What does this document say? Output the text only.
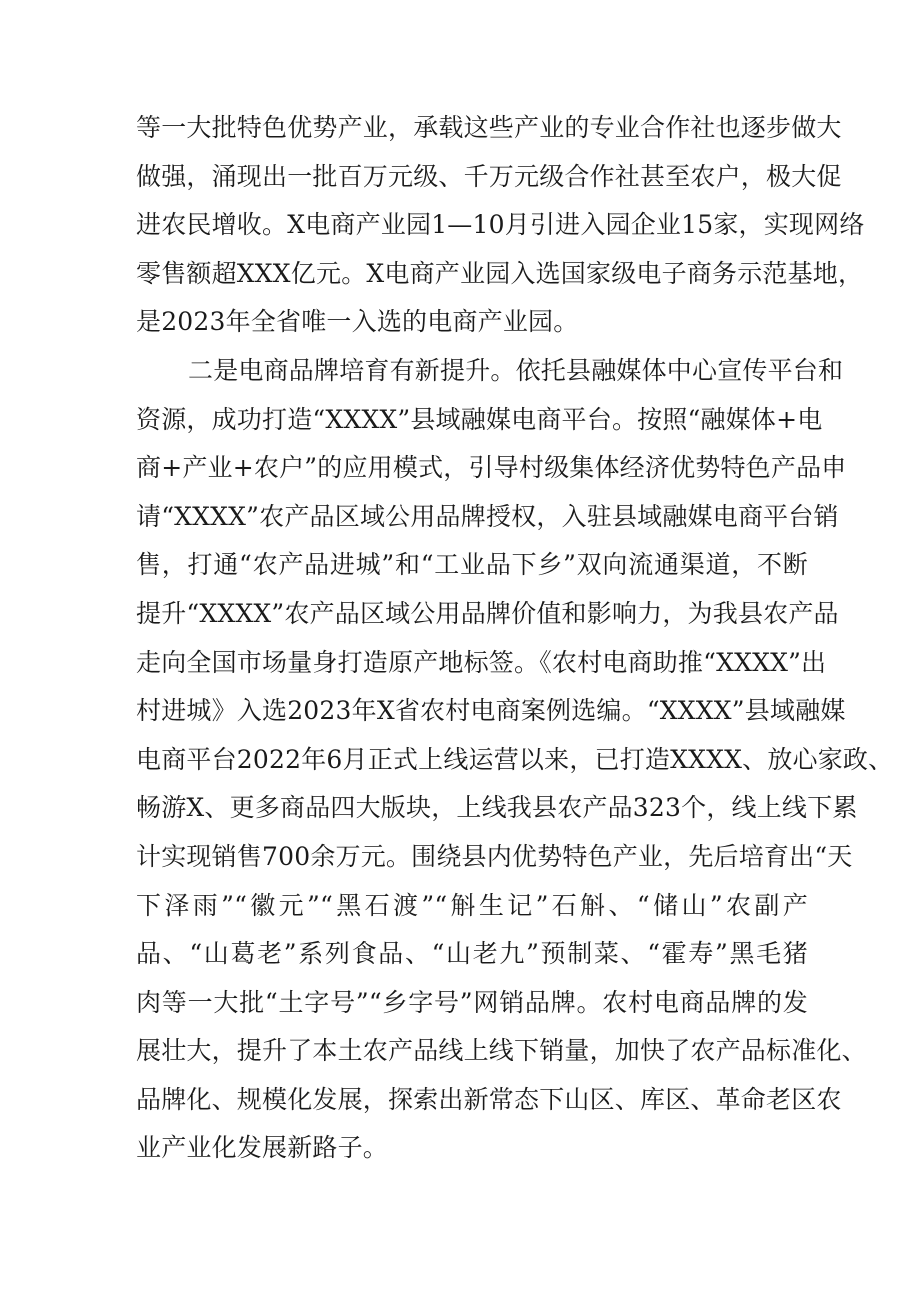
等一大批特色优势产业，承载这些产业的专业合作社也逐步做大
做强，涌现出一批百万元级、千万元级合作社甚至农户，极大促
进农民增收。X电商产业园1—10月引进入园企业15家，实现网络
零售额超XXX亿元。X电商产业园入选国家级电子商务示范基地，
是2023年全省唯一入选的电商产业园。
二是电商品牌培育有新提升。依托县融媒体中心宣传平台和
资源，成功打造“XXXX”县域融媒电商平台。按照“融媒体+电
商+产业+农户”的应用模式，引导村级集体经济优势特色产品申
请“XXXX”农产品区域公用品牌授权，入驻县域融媒电商平台销
售，打通“农产品进城”和“工业品下乡”双向流通渠道，不断
提升“XXXX”农产品区域公用品牌价值和影响力，为我县农产品
走向全国市场量身打造原产地标签。《农村电商助推“XXXX”出
村进城》入选2023年X省农村电商案例选编。“XXXX”县域融媒
电商平台2022年6月正式上线运营以来，已打造XXXX、放心家政、
畅游X、更多商品四大版块，上线我县农产品323个，线上线下累
计实现销售700余万元。围绕县内优势特色产业，先后培育出“天
下泽雨”“徽元”“黑石渡”“斛生记”石斛、“储山”农副产
品、“山葛老”系列食品、“山老九”预制菜、“霍寿”黑毛猪
肉等一大批“土字号”“乡字号”网销品牌。农村电商品牌的发
展壮大，提升了本土农产品线上线下销量，加快了农产品标准化、
品牌化、规模化发展，探索出新常态下山区、库区、革命老区农
业产业化发展新路子。
